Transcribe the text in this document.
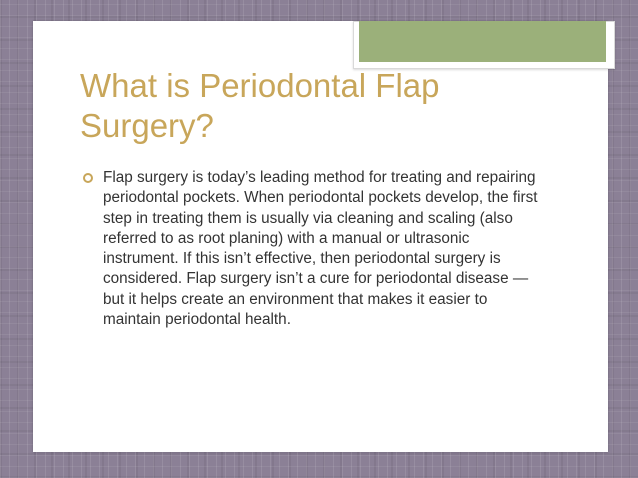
What is Periodontal Flap Surgery?
Flap surgery is today’s leading method for treating and repairing periodontal pockets. When periodontal pockets develop, the first step in treating them is usually via cleaning and scaling (also referred to as root planing) with a manual or ultrasonic instrument. If this isn’t effective, then periodontal surgery is considered. Flap surgery isn’t a cure for periodontal disease — but it helps create an environment that makes it easier to maintain periodontal health.
